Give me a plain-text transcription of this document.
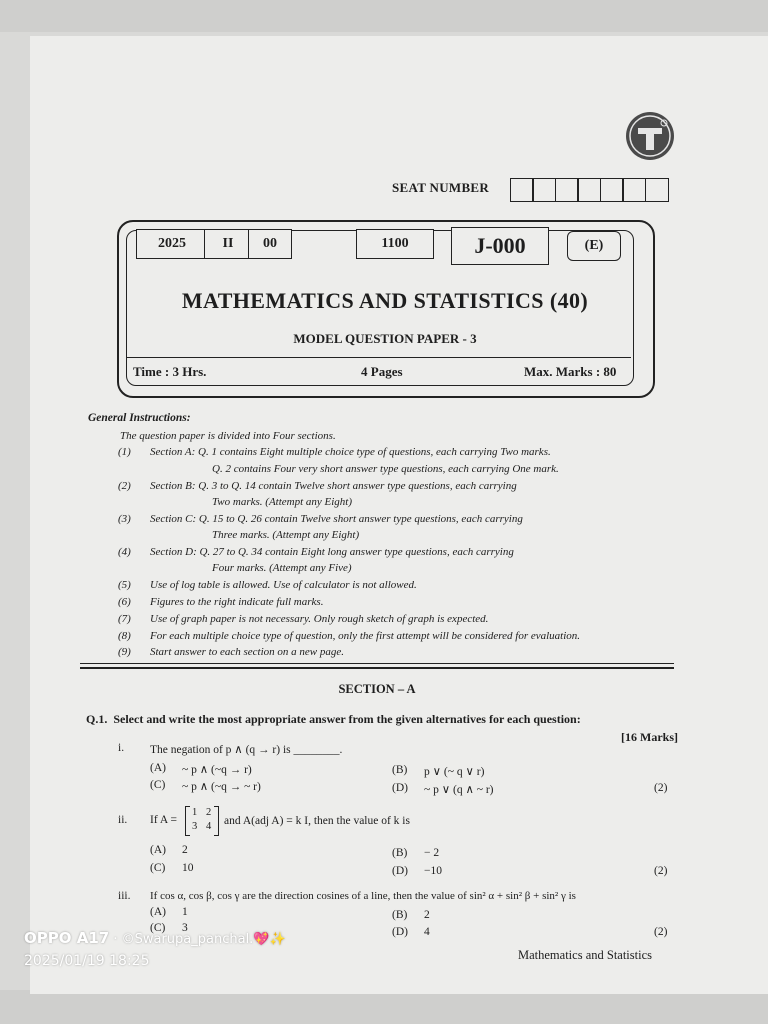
SEAT NUMBER
2025	II	00	1100	J-000	(E)
MATHEMATICS AND STATISTICS (40)
MODEL QUESTION PAPER - 3
Time : 3 Hrs.	4 Pages	Max. Marks : 80
General Instructions:
The question paper is divided into Four sections.
(1) Section A: Q. 1 contains Eight multiple choice type of questions, each carrying Two marks.
Q. 2 contains Four very short answer type questions, each carrying One mark.
(2) Section B: Q. 3 to Q. 14 contain Twelve short answer type questions, each carrying
Two marks. (Attempt any Eight)
(3) Section C: Q. 15 to Q. 26 contain Twelve short answer type questions, each carrying
Three marks. (Attempt any Eight)
(4) Section D: Q. 27 to Q. 34 contain Eight long answer type questions, each carrying
Four marks. (Attempt any Five)
(5) Use of log table is allowed. Use of calculator is not allowed.
(6) Figures to the right indicate full marks.
(7) Use of graph paper is not necessary. Only rough sketch of graph is expected.
(8) For each multiple choice type of question, only the first attempt will be considered for evaluation.
(9) Start answer to each section on a new page.
SECTION – A
Q.1. Select and write the most appropriate answer from the given alternatives for each question:
[16 Marks]
i. The negation of p ∧ (q → r) is ________.
(A) ~ p ∧ (~q → r)	(B) p ∨ (~ q ∨ r)
(C) ~ p ∧ (~q → ~ r)	(D) ~ p ∨ (q ∧ ~ r)	(2)
ii. If A =
1 2
3 4 and A(adj A) = k I, then the value of k is
(A) 2	(B) − 2
(C) 10	(D) −10	(2)
iii. If cos α, cos β, cos γ are the direction cosines of a line, then the value of sin² α + sin² β + sin² γ is
(A) 1	(B) 2
(C) 3	(D) 4	(2)
Mathematics and Statistics
OPPO A17 · ©Swarupa_panchal.💖✨
2025/01/19 18:25
